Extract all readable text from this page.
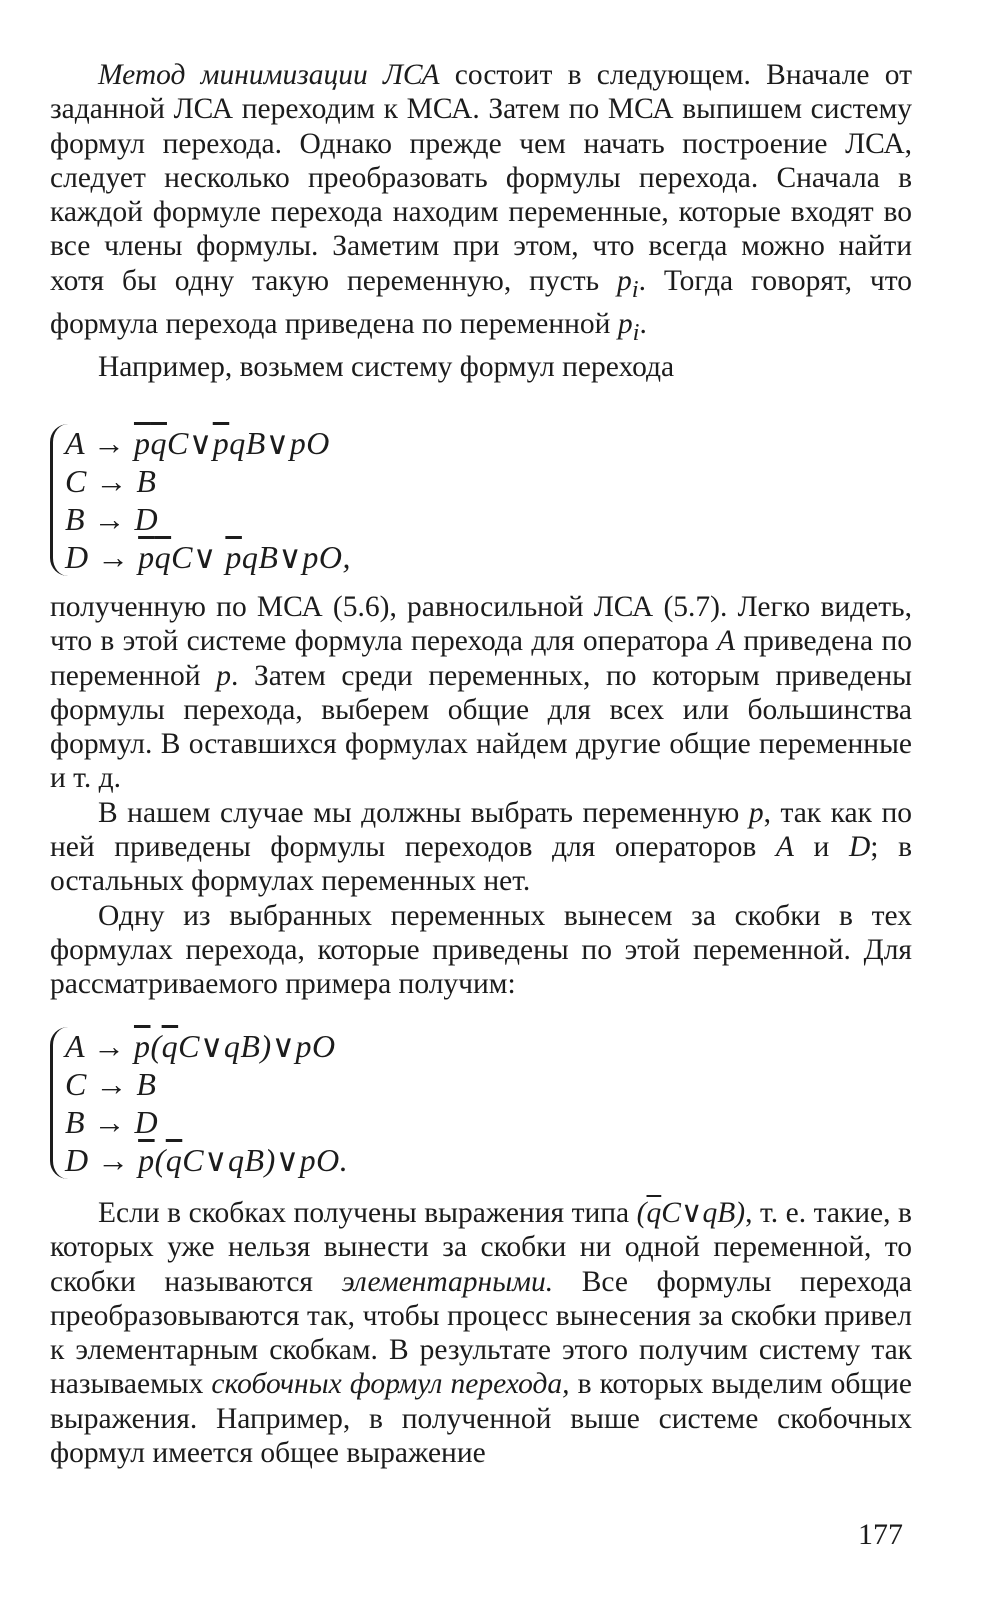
Метод минимизации ЛСА состоит в следующем. Вначале от заданной ЛСА переходим к МСА. Затем по МСА выпишем систему формул перехода. Однако прежде чем начать построение ЛСА, следует несколько преобразовать формулы перехода. Сначала в каждой формуле перехода находим переменные, которые входят во все члены формулы. Заметим при этом, что всегда можно найти хотя бы одну такую переменную, пусть $p_i$. Тогда говорят, что формула перехода приведена по переменной $p_i$.

Например, возьмем систему формул перехода

$A \to \overline{p}\overline{q}C\vee\overline{p}qB\vee pO$
C → B
B → D
$D \to \overline{p}\overline{q}C\vee$ $\overline{p}qB\vee pO$,

полученную по МСА (5.6), равносильной ЛСА (5.7). Легко видеть, что в этой системе формула перехода для оператора A приведена по переменной p. Затем среди переменных, по которым приведены формулы перехода, выберем общие для всех или большинства формул. В оставшихся формулах найдем другие общие переменные и т. д.

В нашем случае мы должны выбрать переменную p, так как по ней приведены формулы переходов для операторов A и D; в остальных формулах переменных нет.

Одну из выбранных переменных вынесем за скобки в тех формулах перехода, которые приведены по этой переменной. Для рассматриваемого примера получим:

$A \to \overline{p}(\overline{q}C\vee qB)\vee pO$
C → B
B → D
$D \to \overline{p}(\overline{q}C\vee qB)\vee pO$.

Если в скобках получены выражения типа $(\overline{q}C\vee qB)$, т. е. такие, в которых уже нельзя вынести за скобки ни одной переменной, то скобки называются элементарными. Все формулы перехода преобразовываются так, чтобы процесс вынесения за скобки привел к элементарным скобкам. В результате этого получим систему так называемых скобочных формул перехода, в которых выделим общие выражения. Например, в полученной выше системе скобочных формул имеется общее выражение

177
